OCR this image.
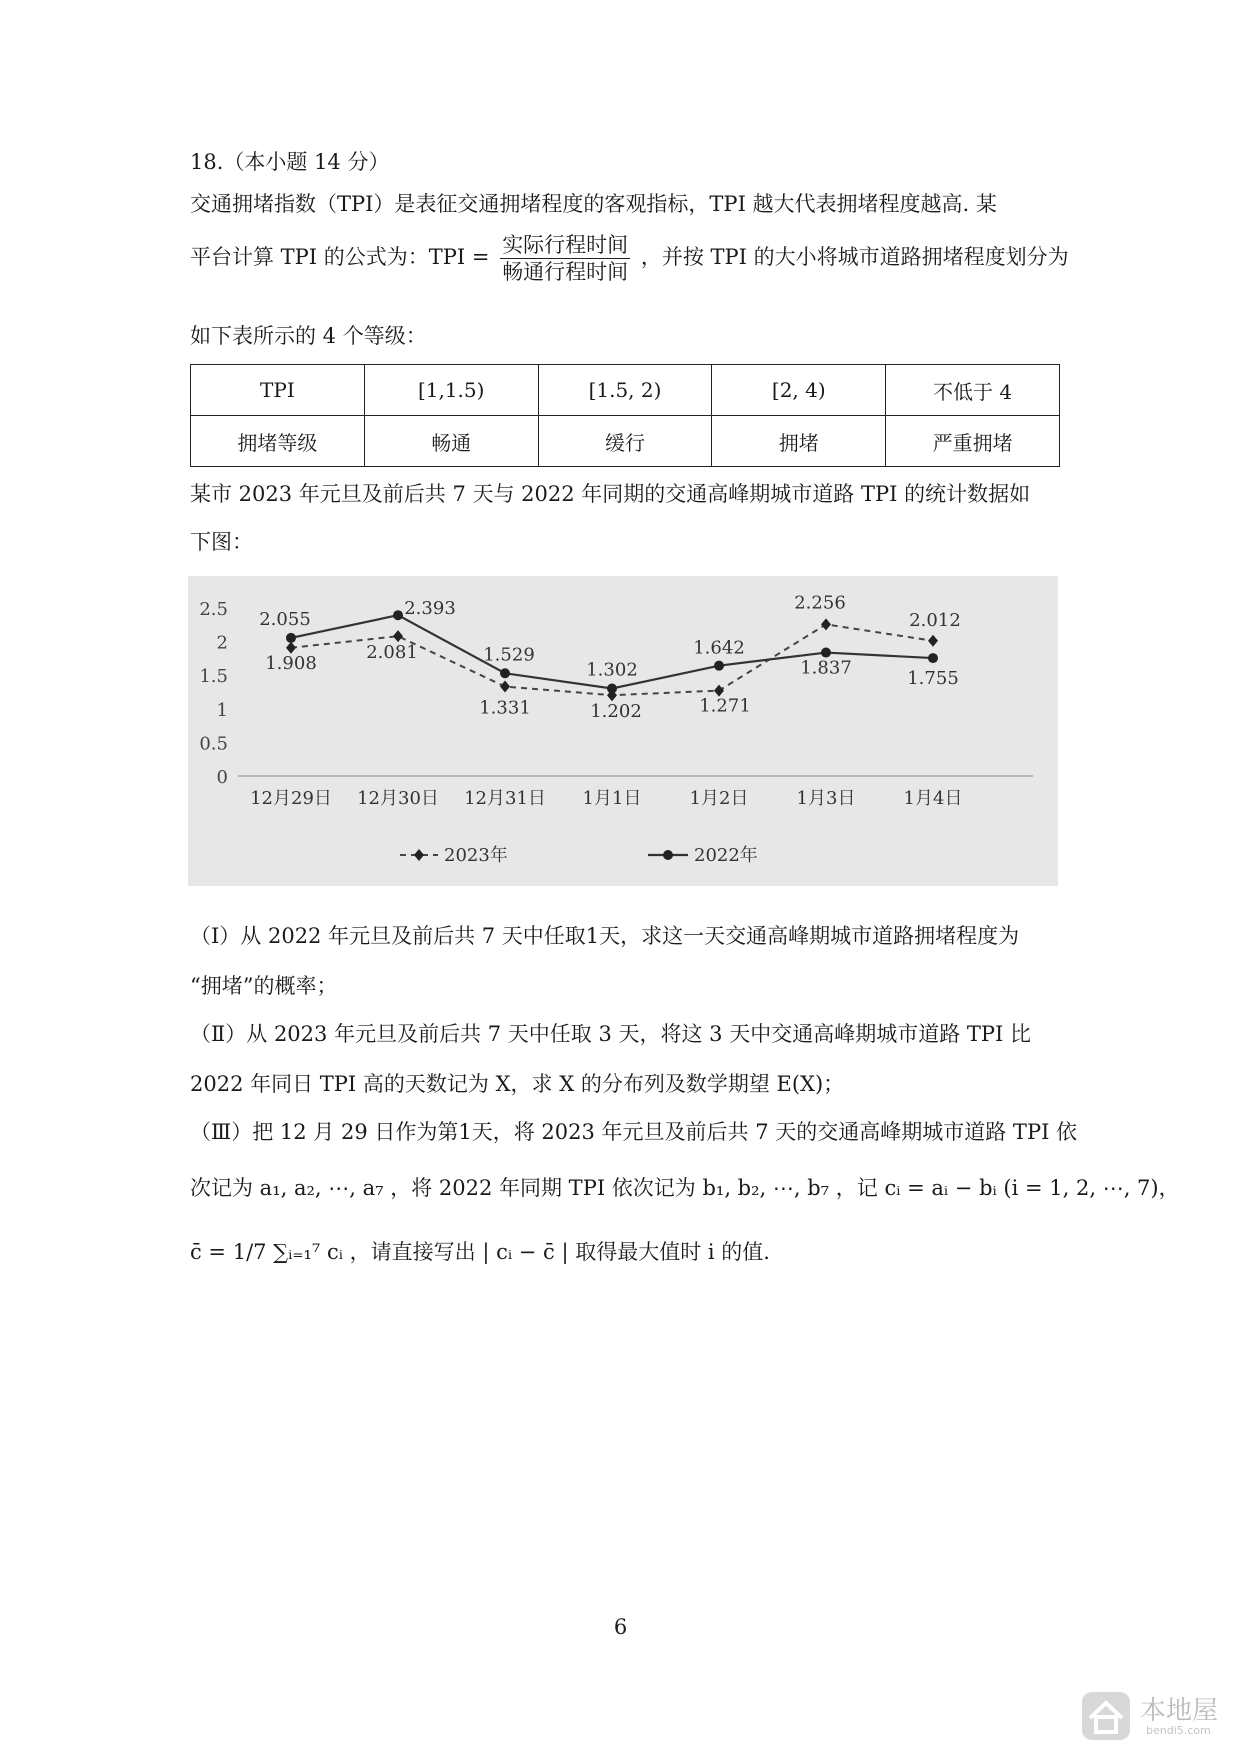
18.（本小题 14 分）
交通拥堵指数（TPI）是表征交通拥堵程度的客观指标，TPI 越大代表拥堵程度越高. 某
平台计算 TPI 的公式为：TPI = $\frac{\text{实际行程时间}}{\text{畅通行程时间}}$ ，并按 TPI 的大小将城市道路拥堵程度划分为
如下表所示的 4 个等级：
TPI	[1,1.5)	[1.5, 2)	[2, 4)	不低于 4
拥堵等级	畅通	缓行	拥堵	严重拥堵
某市 2023 年元旦及前后共 7 天与 2022 年同期的交通高峰期城市道路 TPI 的统计数据如
下图：
0
0.5
1
1.5
2
2.5
12月29日 12月30日 12月31日 1月1日	1月2日	1月3日	1月4日
2.055
2.393
1.529
1.302
1.642
1.837
1.755
1.908
2.081
1.331	1.202	1.271
2.256
2.012
2023年	2022年
（Ⅰ）从 2022 年元旦及前后共 7 天中任取1天，求这一天交通高峰期城市道路拥堵程度为
“拥堵”的概率；
（Ⅱ）从 2023 年元旦及前后共 7 天中任取 3 天，将这 3 天中交通高峰期城市道路 TPI 比
2022 年同日 TPI 高的天数记为 X，求 X 的分布列及数学期望 E(X)；
（Ⅲ）把 12 月 29 日作为第1天，将 2023 年元旦及前后共 7 天的交通高峰期城市道路 TPI 依
次记为 a₁, a₂, ⋯, a₇ ，将 2022 年同期 TPI 依次记为 b₁, b₂, ⋯, b₇ ，记 cᵢ = aᵢ − bᵢ (i = 1, 2, ⋯, 7)，
c̄ = 1/7 ∑ᵢ₌₁⁷ cᵢ ，请直接写出 | cᵢ − c̄ | 取得最大值时 i 的值.
6
本地屋
bendi5.com
